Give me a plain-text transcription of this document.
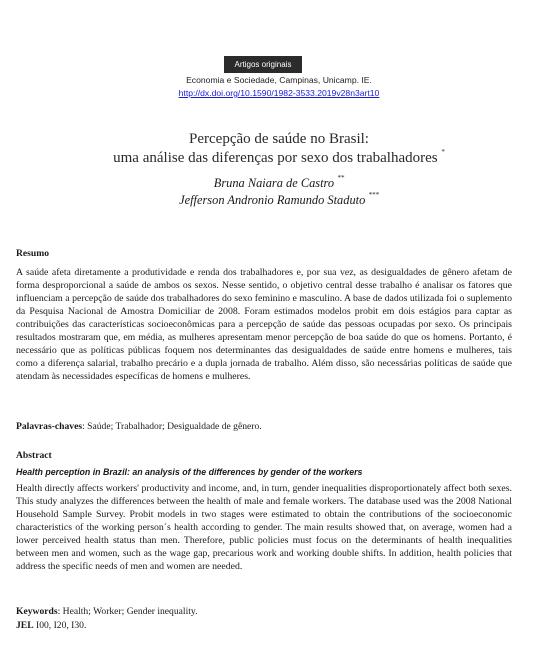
Artigos originais
Economia e Sociedade, Campinas, Unicamp. IE.
http://dx.doi.org/10.1590/1982-3533.2019v28n3art10
Percepção de saúde no Brasil:
uma análise das diferenças por sexo dos trabalhadores *
Bruna Naiara de Castro **
Jefferson Andronio Ramundo Staduto ***
Resumo
A saúde afeta diretamente a produtividade e renda dos trabalhadores e, por sua vez, as desigualdades de gênero afetam de forma desproporcional a saúde de ambos os sexos. Nesse sentido, o objetivo central desse trabalho é analisar os fatores que influenciam a percepção de saúde dos trabalhadores do sexo feminino e masculino. A base de dados utilizada foi o suplemento da Pesquisa Nacional de Amostra Domiciliar de 2008. Foram estimados modelos probit em dois estágios para captar as contribuições das características socioeconômicas para a percepção de saúde das pessoas ocupadas por sexo. Os principais resultados mostraram que, em média, as mulheres apresentam menor percepção de boa saúde do que os homens. Portanto, é necessário que as políticas públicas foquem nos determinantes das desigualdades de saúde entre homens e mulheres, tais como a diferença salarial, trabalho precário e a dupla jornada de trabalho. Além disso, são necessárias políticas de saúde que atendam às necessidades específicas de homens e mulheres.
Palavras-chaves: Saúde; Trabalhador; Desigualdade de gênero.
Abstract
Health perception in Brazil: an analysis of the differences by gender of the workers
Health directly affects workers' productivity and income, and, in turn, gender inequalities disproportionately affect both sexes. This study analyzes the differences between the health of male and female workers. The database used was the 2008 National Household Sample Survey. Probit models in two stages were estimated to obtain the contributions of the socioeconomic characteristics of the working person´s health according to gender. The main results showed that, on average, women had a lower perceived health status than men. Therefore, public policies must focus on the determinants of health inequalities between men and women, such as the wage gap, precarious work and working double shifts. In addition, health policies that address the specific needs of men and women are needed.
Keywords: Health; Worker; Gender inequality.
JEL I00, I20, I30.
